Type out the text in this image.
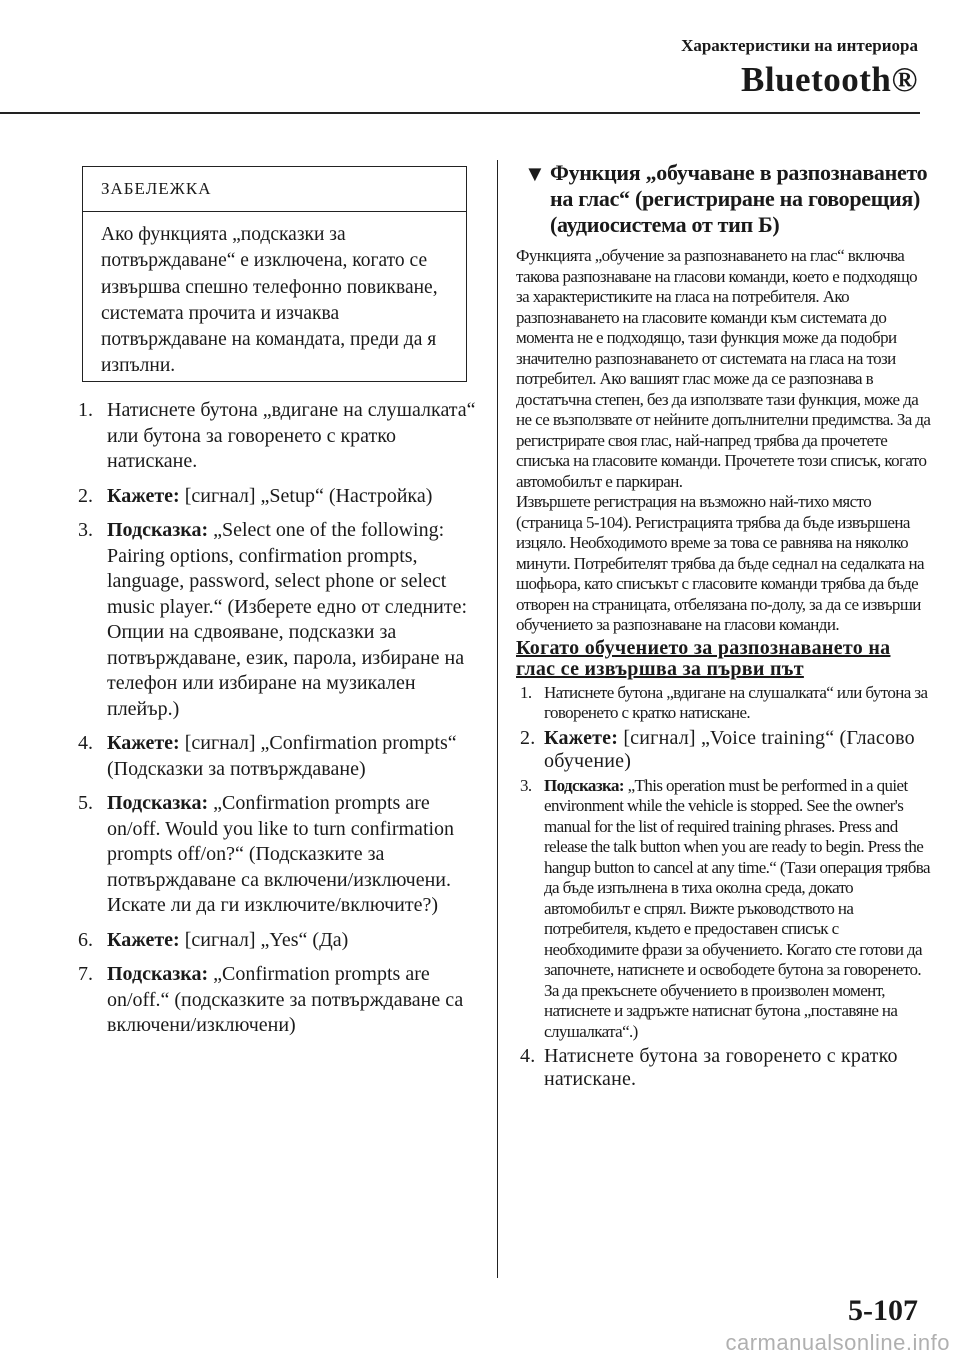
Характеристики на интериора
Bluetooth®
ЗАБЕЛЕЖКА
Ако функцията „подсказки за потвърждаване“ е изключена, когато се извършва спешно телефонно повикване, системата прочита и изчаква потвърждаване на командата, преди да я изпълни.
1. Натиснете бутона „вдигане на слушалката“ или бутона за говоренето с кратко натискане.
2. Кажете: [сигнал] „Setup“ (Настройка)
3. Подсказка: „Select one of the following: Pairing options, confirmation prompts, language, password, select phone or select music player.“ (Изберете едно от следните: Опции на сдвояване, подсказки за потвърждаване, език, парола, избиране на телефон или избиране на музикален плейър.)
4. Кажете: [сигнал] „Confirmation prompts“ (Подсказки за потвърждаване)
5. Подсказка: „Confirmation prompts are on/off. Would you like to turn confirmation prompts off/on?“ (Подсказките за потвърждаване са включени/изключени. Искате ли да ги изключите/включите?)
6. Кажете: [сигнал] „Yes“ (Да)
7. Подсказка: „Confirmation prompts are on/off.“ (подсказките за потвърждаване са включени/изключени)
▼ Функция „обучаване в разпознаването на глас“ (регистриране на говорещия) (аудиосистема от тип Б)

Функцията „обучение за разпознаването на глас“ включва такова разпознаване на гласови команди, което е подходящо за характеристиките на гласа на потребителя. Ако разпознаването на гласовите команди към системата до момента не е подходящо, тази функция може да подобри значително разпознаването от системата на гласа на този потребител. Ако вашият глас може да се разпознава в достатъчна степен, без да използвате тази функция, може да не се възползвате от нейните допълнителни предимства. За да регистрирате своя глас, най-напред трябва да прочетете списъка на гласовите команди. Прочетете този списък, когато автомобилът е паркиран.

Извършете регистрация на възможно най-тихо място (страница 5-104). Регистрацията трябва да бъде извършена изцяло. Необходимото време за това се равнява на няколко минути. Потребителят трябва да бъде седнал на седалката на шофьора, като списъкът с гласовите команди трябва да бъде отворен на страницата, отбелязана по-долу, за да се извърши обучението за разпознаване на гласови команди.

Когато обучението за разпознаването на глас се извършва за първи път
1. Натиснете бутона „вдигане на слушалката“ или бутона за говоренето с кратко натискане.
2. Кажете: [сигнал] „Voice training“ (Гласово обучение)
3. Подсказка: „This operation must be performed in a quiet environment while the vehicle is stopped. See the owner's manual for the list of required training phrases. Press and release the talk button when you are ready to begin. Press the hangup button to cancel at any time.“ (Тази операция трябва да бъде изпълнена в тиха околна среда, докато автомобилът е спрял. Вижте ръководството на потребителя, където е предоставен списък с необходимите фрази за обучението. Когато сте готови да започнете, натиснете и освободете бутона за говоренето. За да прекъснете обучението в произволен момент, натиснете и задръжте натиснат бутона „поставяне на слушалката“.)
4. Натиснете бутона за говоренето с кратко натискане.
5-107
carmanualsonline.info
